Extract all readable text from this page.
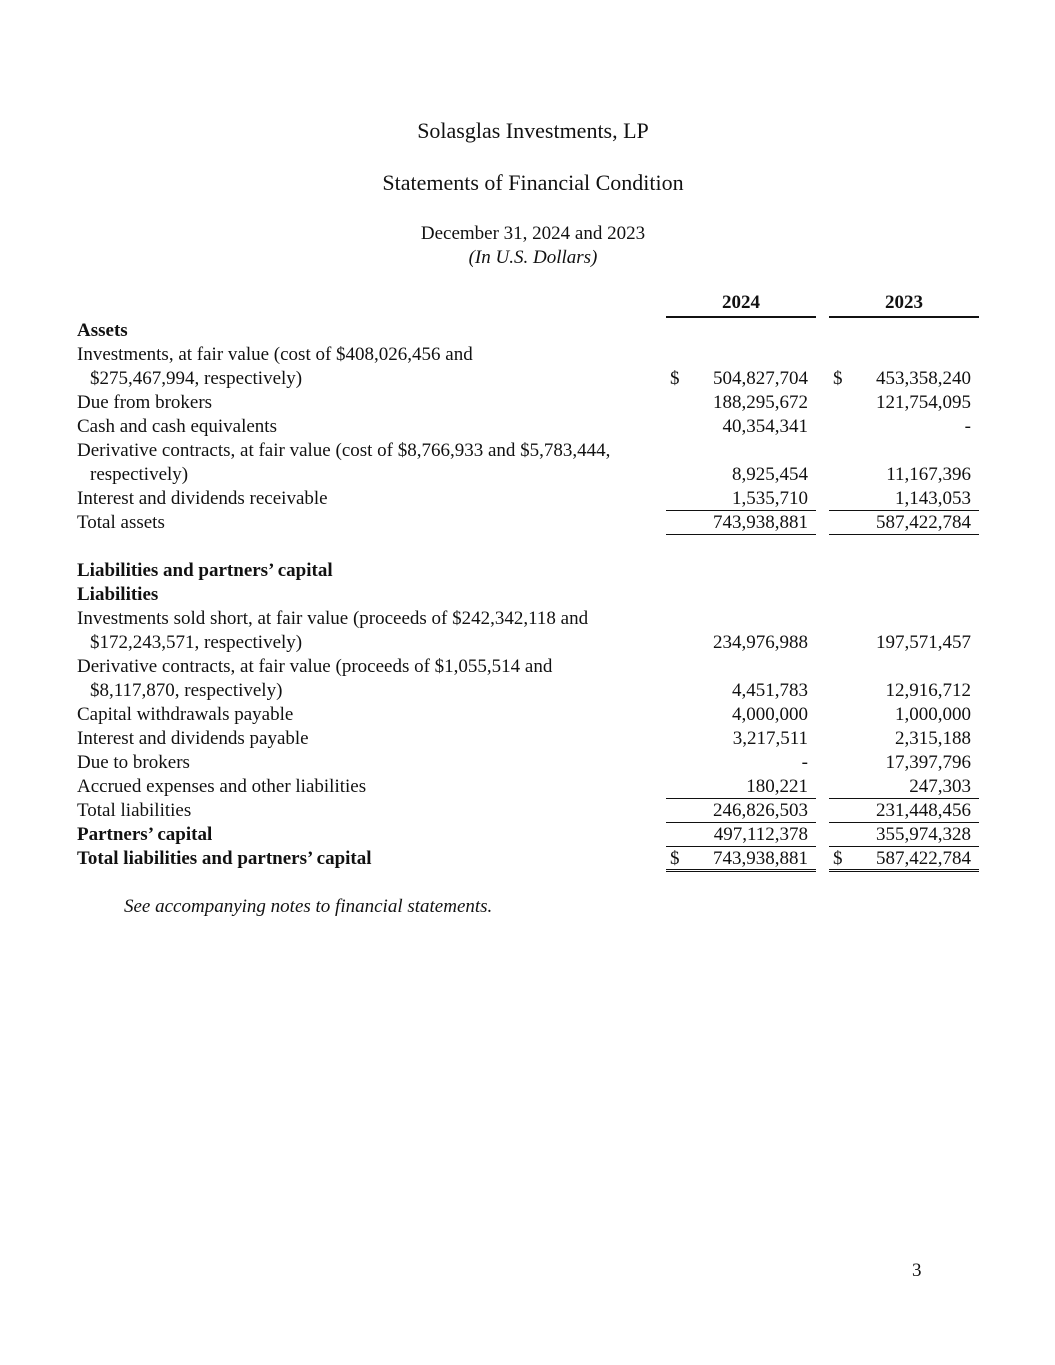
Solasglas Investments, LP
Statements of Financial Condition
December 31, 2024 and 2023
(In U.S. Dollars)
2024	2023
Assets
Investments, at fair value (cost of $408,026,456 and
$275,467,994, respectively)	$ 504,827,704 $ 453,358,240
Due from brokers	188,295,672	121,754,095
Cash and cash equivalents	40,354,341	-
Derivative contracts, at fair value (cost of $8,766,933 and $5,783,444,
respectively)	8,925,454	11,167,396
Interest and dividends receivable	1,535,710	1,143,053
Total assets	743,938,881	587,422,784
Liabilities and partners’ capital
Liabilities
Investments sold short, at fair value (proceeds of $242,342,118 and
$172,243,571, respectively)	234,976,988	197,571,457
Derivative contracts, at fair value (proceeds of $1,055,514 and
$8,117,870, respectively)	4,451,783	12,916,712
Capital withdrawals payable	4,000,000	1,000,000
Interest and dividends payable	3,217,511	2,315,188
Due to brokers	-	17,397,796
Accrued expenses and other liabilities	180,221	247,303
Total liabilities	246,826,503	231,448,456
Partners’ capital	497,112,378	355,974,328
Total liabilities and partners’ capital	$ 743,938,881 $ 587,422,784
See accompanying notes to financial statements.
3
